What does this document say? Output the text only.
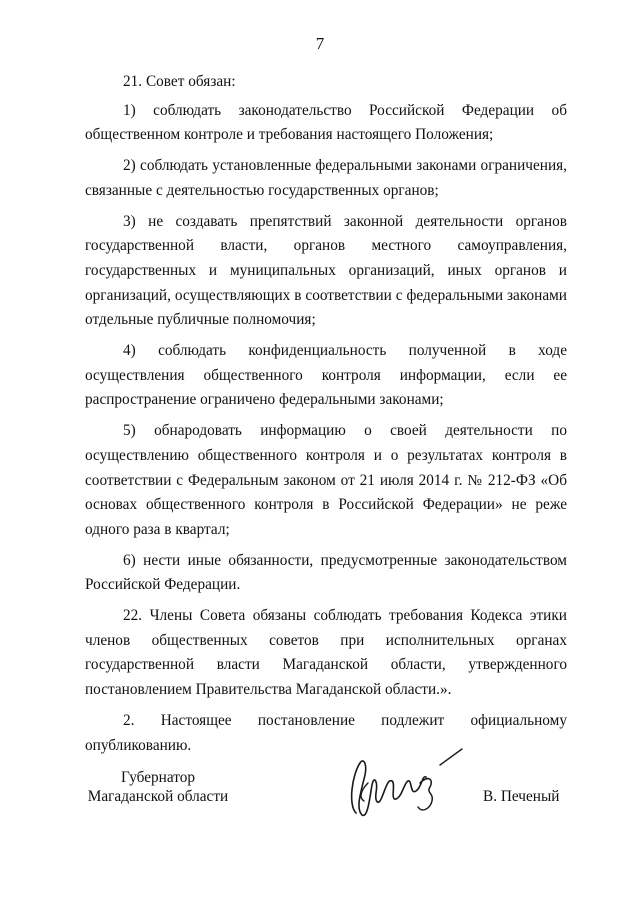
7

21. Совет обязан:

1) соблюдать законодательство Российской Федерации об общественном контроле и требования настоящего Положения;

2) соблюдать установленные федеральными законами ограничения, связанные с деятельностью государственных органов;

3) не создавать препятствий законной деятельности органов государственной власти, органов местного самоуправления, государственных и муниципальных организаций, иных органов и организаций, осуществляющих в соответствии с федеральными законами отдельные публичные полномочия;

4) соблюдать конфиденциальность полученной в ходе осуществления общественного контроля информации, если ее распространение ограничено федеральными законами;

5) обнародовать информацию о своей деятельности по осуществлению общественного контроля и о результатах контроля в соответствии с Федеральным законом от 21 июля 2014 г. № 212-ФЗ «Об основах общественного контроля в Российской Федерации» не реже одного раза в квартал;

6) нести иные обязанности, предусмотренные законодательством Российской Федерации.

22. Члены Совета обязаны соблюдать требования Кодекса этики членов общественных советов при исполнительных органах государственной власти Магаданской области, утвержденного постановлением Правительства Магаданской области.».

2. Настоящее постановление подлежит официальному опубликованию.

Губернатор
Магаданской области	В. Печеный
